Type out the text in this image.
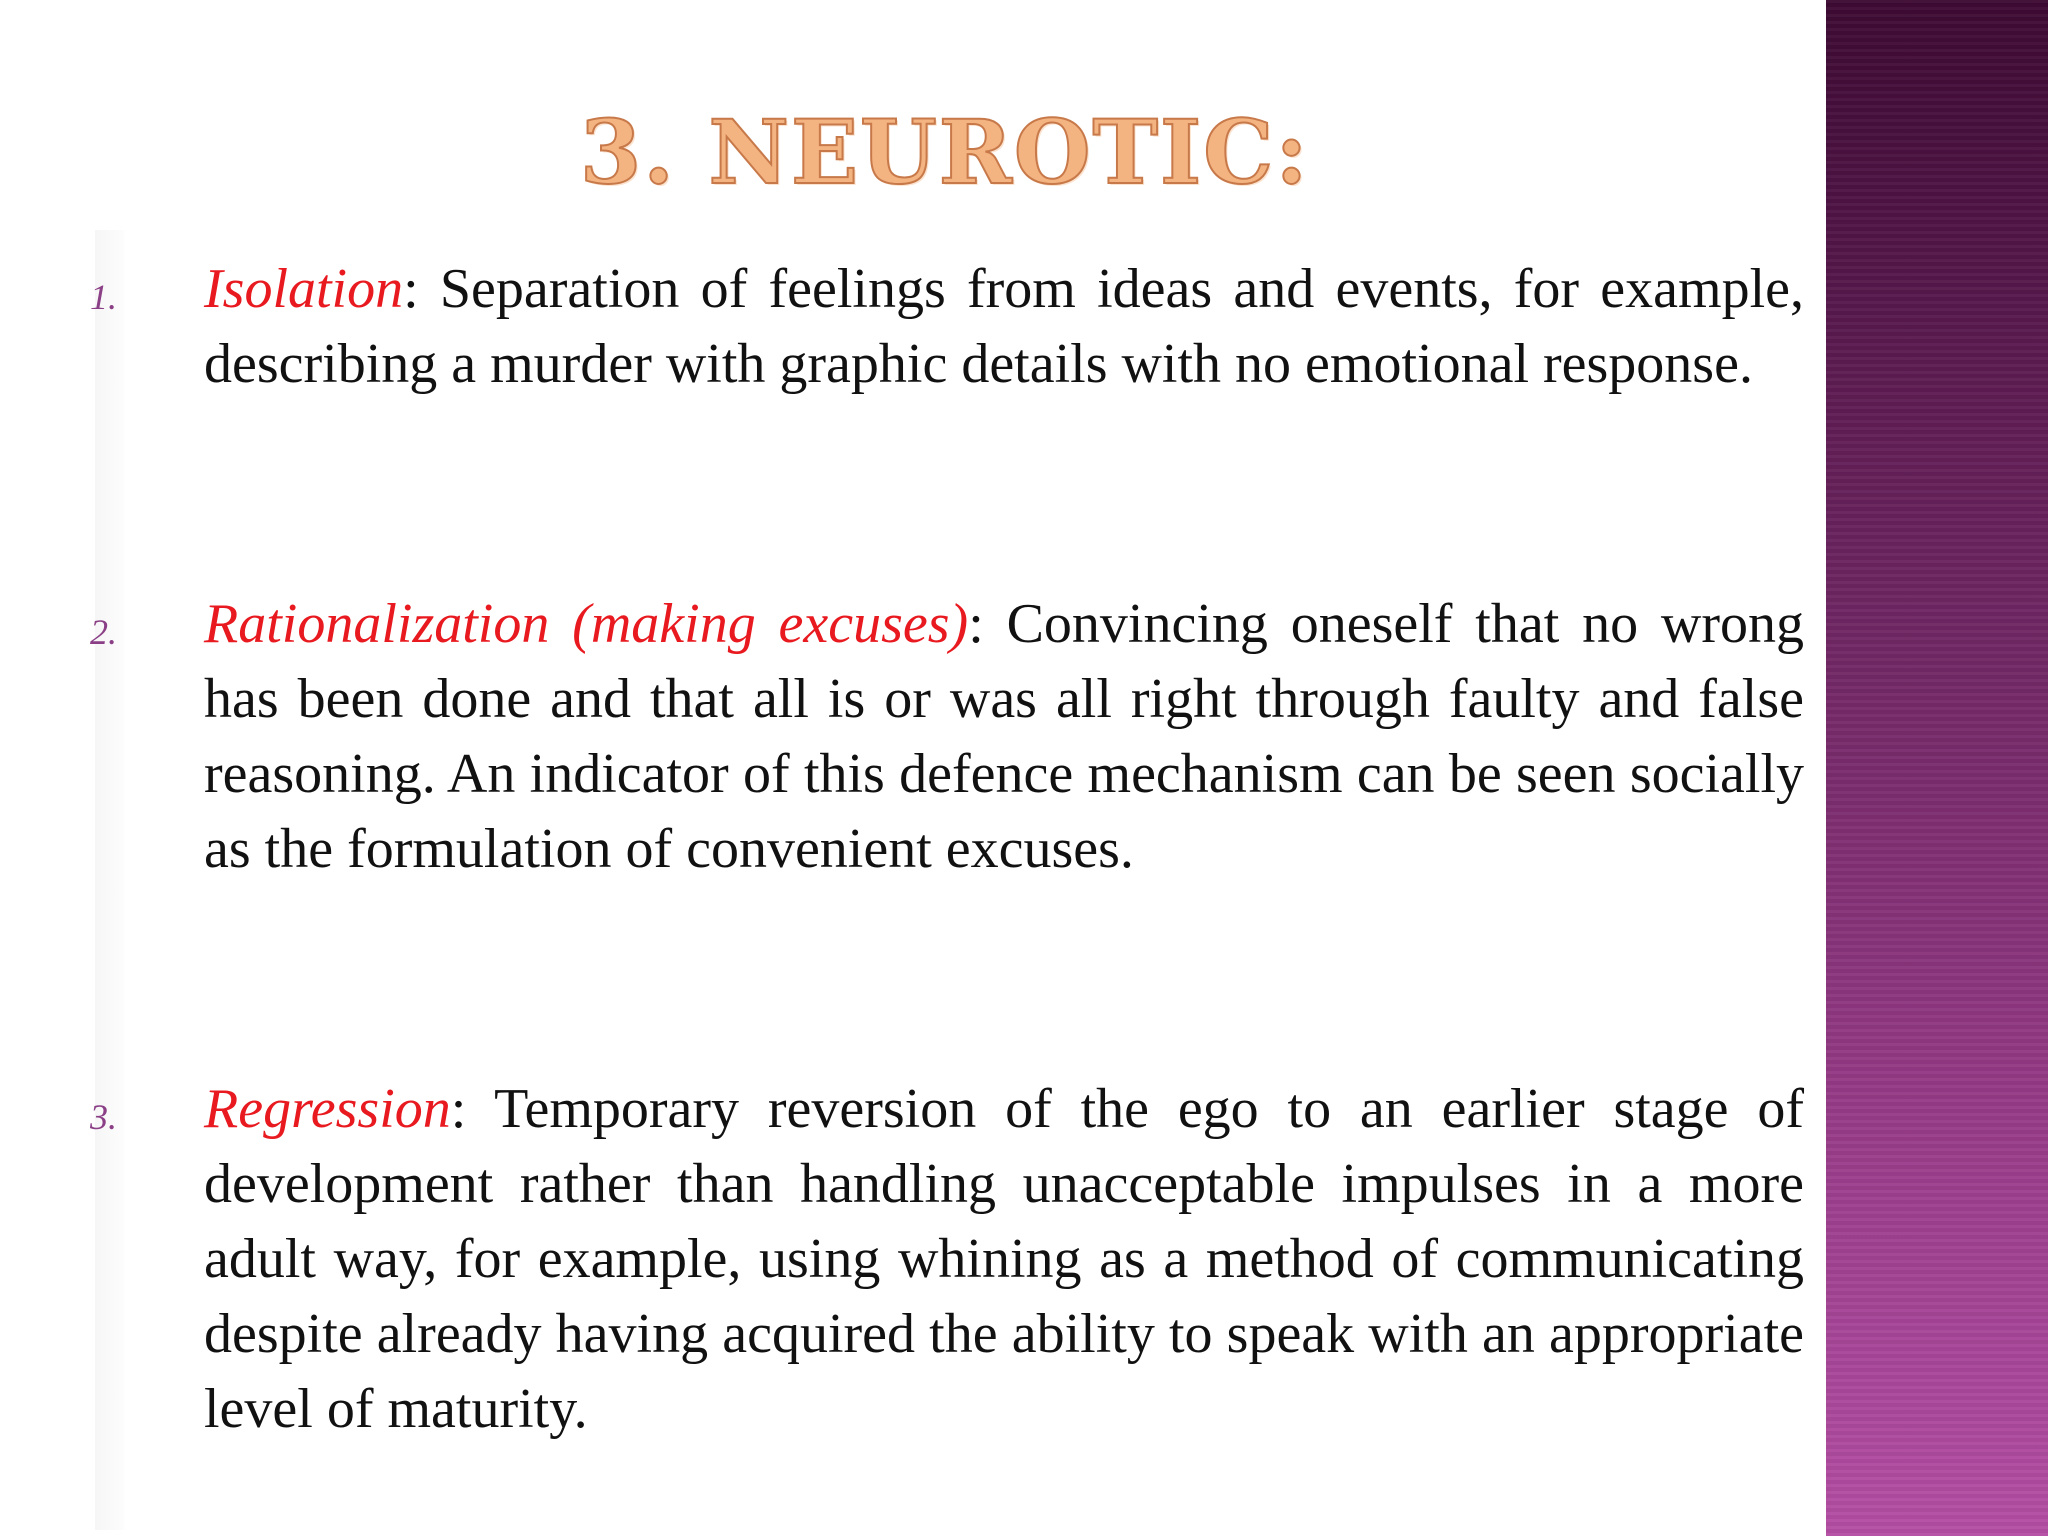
3. NEUROTIC:
1. Isolation: Separation of feelings from ideas and events, for example, describing a murder with graphic details with no emotional response.
2. Rationalization (making excuses): Convincing oneself that no wrong has been done and that all is or was all right through faulty and false reasoning. An indicator of this defence mechanism can be seen socially as the formulation of convenient excuses.
3. Regression: Temporary reversion of the ego to an earlier stage of development rather than handling unacceptable impulses in a more adult way, for example, using whining as a method of communicating despite already having acquired the ability to speak with an appropriate level of maturity.
